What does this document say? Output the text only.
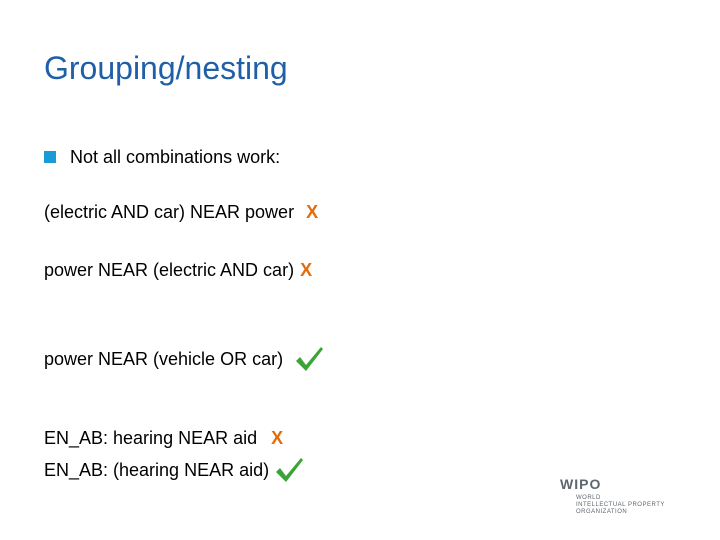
Grouping/nesting
Not all combinations work:
(electric AND car) NEAR power X
power NEAR (electric AND car) X
power NEAR (vehicle OR car)
EN_AB: hearing NEAR aid X
EN_AB: (hearing NEAR aid)
WIPO
WORLD
INTELLECTUAL PROPERTY
ORGANIZATION
